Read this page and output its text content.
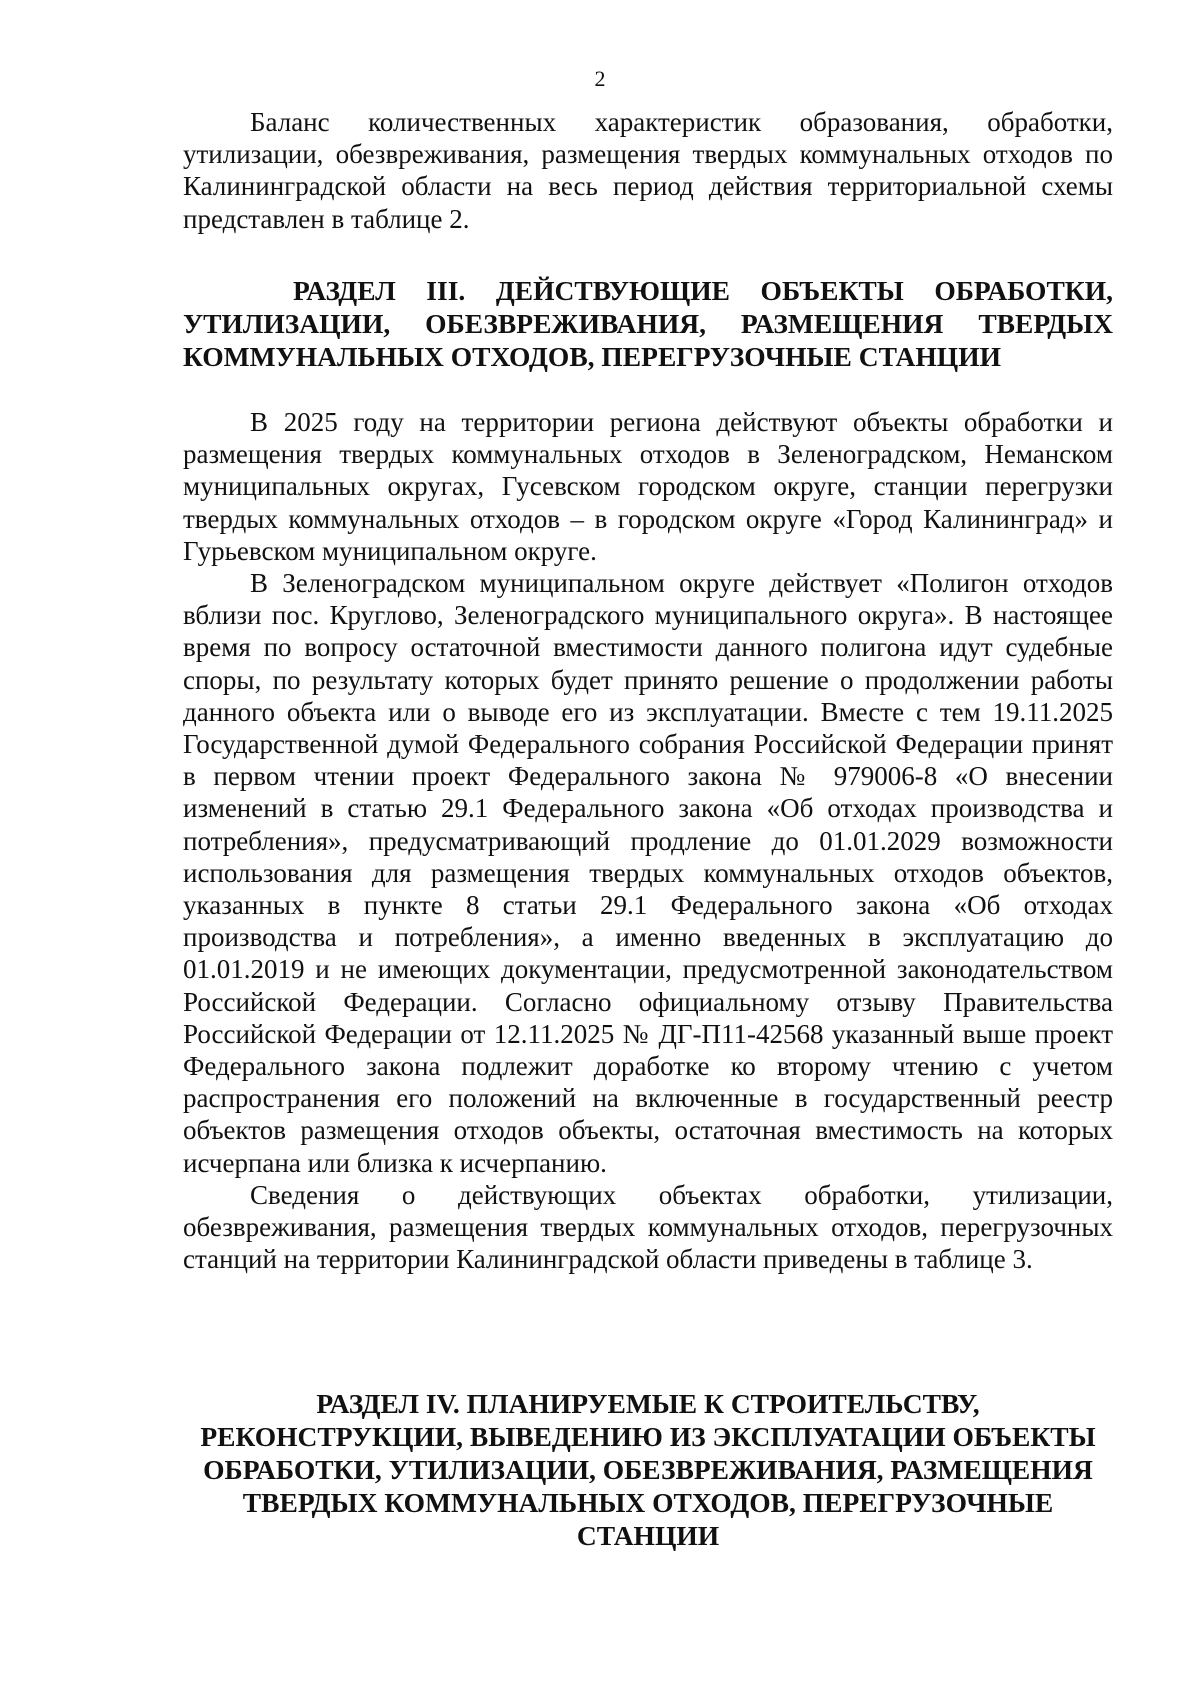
2

Баланс количественных характеристик образования, обработки, утилизации, обезвреживания, размещения твердых коммунальных отходов по Калининградской области на весь период действия территориальной схемы представлен в таблице 2.

РАЗДЕЛ III. ДЕЙСТВУЮЩИЕ ОБЪЕКТЫ ОБРАБОТКИ, УТИЛИЗАЦИИ, ОБЕЗВРЕЖИВАНИЯ, РАЗМЕЩЕНИЯ ТВЕРДЫХ КОММУНАЛЬНЫХ ОТХОДОВ, ПЕРЕГРУЗОЧНЫЕ СТАНЦИИ

В 2025 году на территории региона действуют объекты обработки и размещения твердых коммунальных отходов в Зеленоградском, Неманском муниципальных округах, Гусевском городском округе, станции перегрузки твердых коммунальных отходов – в городском округе «Город Калининград» и Гурьевском муниципальном округе.

В Зеленоградском муниципальном округе действует «Полигон отходов вблизи пос. Круглово, Зеленоградского муниципального округа». В настоящее время по вопросу остаточной вместимости данного полигона идут судебные споры, по результату которых будет принято решение о продолжении работы данного объекта или о выводе его из эксплуатации. Вместе с тем 19.11.2025 Государственной думой Федерального собрания Российской Федерации принят в первом чтении проект Федерального закона № 979006-8 «О внесении изменений в статью 29.1 Федерального закона «Об отходах производства и потребления», предусматривающий продление до 01.01.2029 возможности использования для размещения твердых коммунальных отходов объектов, указанных в пункте 8 статьи 29.1 Федерального закона «Об отходах производства и потребления», а именно введенных в эксплуатацию до 01.01.2019 и не имеющих документации, предусмотренной законодательством Российской Федерации. Согласно официальному отзыву Правительства Российской Федерации от 12.11.2025 № ДГ-П11-42568 указанный выше проект Федерального закона подлежит доработке ко второму чтению с учетом распространения его положений на включенные в государственный реестр объектов размещения отходов объекты, остаточная вместимость на которых исчерпана или близка к исчерпанию.

Сведения о действующих объектах обработки, утилизации, обезвреживания, размещения твердых коммунальных отходов, перегрузочных станций на территории Калининградской области приведены в таблице 3.

РАЗДЕЛ IV. ПЛАНИРУЕМЫЕ К СТРОИТЕЛЬСТВУ, РЕКОНСТРУКЦИИ, ВЫВЕДЕНИЮ ИЗ ЭКСПЛУАТАЦИИ ОБЪЕКТЫ ОБРАБОТКИ, УТИЛИЗАЦИИ, ОБЕЗВРЕЖИВАНИЯ, РАЗМЕЩЕНИЯ ТВЕРДЫХ КОММУНАЛЬНЫХ ОТХОДОВ, ПЕРЕГРУЗОЧНЫЕ СТАНЦИИ
